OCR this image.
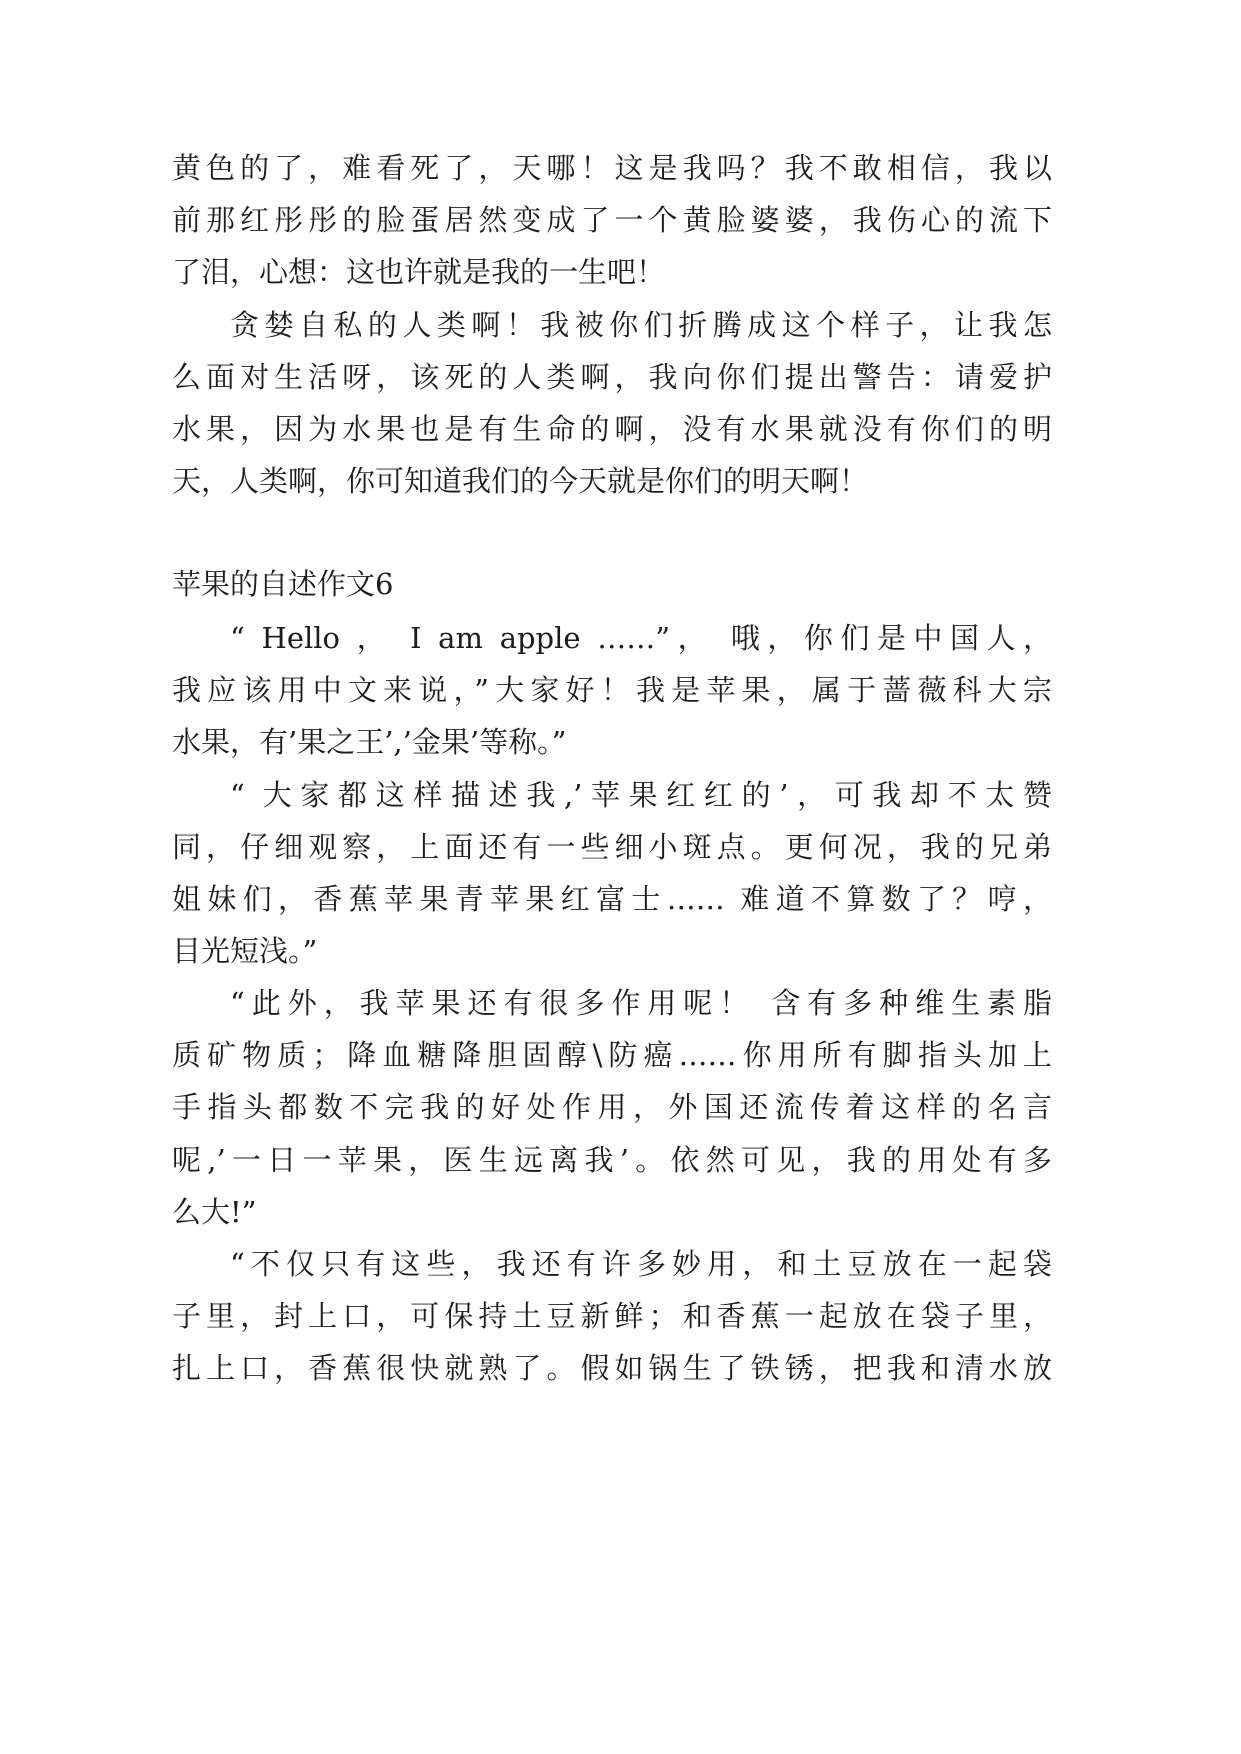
黄色的了，难看死了，天哪！这是我吗？我不敢相信，我以
前那红彤彤的脸蛋居然变成了一个黄脸婆婆，我伤心的流下
了泪，心想：这也许就是我的一生吧！
贪婪自私的人类啊！我被你们折腾成这个样子，让我怎
么面对生活呀，该死的人类啊，我向你们提出警告：请爱护
水果，因为水果也是有生命的啊，没有水果就没有你们的明
天，人类啊，你可知道我们的今天就是你们的明天啊！
苹果的自述作文6
“ Hello ， I am apple ……”， 哦，你们是中国人，
我应该用中文来说，”大家好！我是苹果，属于蔷薇科大宗
水果，有’果之王’,’金果’等称。”
“ 大家都这样描述我,’苹果红红的’，可我却不太赞
同，仔细观察，上面还有一些细小斑点。更何况，我的兄弟
姐妹们，香蕉苹果青苹果红富士…… 难道不算数了？哼，
目光短浅。”
“此外，我苹果还有很多作用呢！ 含有多种维生素脂
质矿物质；降血糖降胆固醇\防癌……你用所有脚指头加上
手指头都数不完我的好处作用，外国还流传着这样的名言
呢,’一日一苹果，医生远离我’。依然可见，我的用处有多
么大!”
“不仅只有这些，我还有许多妙用，和土豆放在一起袋
子里，封上口，可保持土豆新鲜；和香蕉一起放在袋子里，
扎上口，香蕉很快就熟了。假如锅生了铁锈，把我和清水放
